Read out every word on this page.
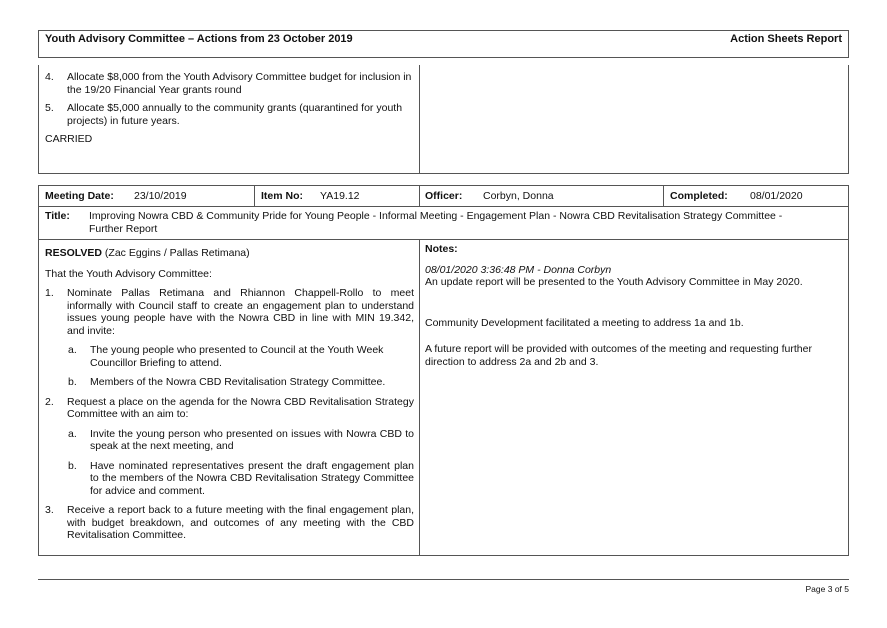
Youth Advisory Committee – Actions from 23 October 2019	Action Sheets Report
4. Allocate $8,000 from the Youth Advisory Committee budget for inclusion in the 19/20 Financial Year grants round

5. Allocate $5,000 annually to the community grants (quarantined for youth projects) in future years.

CARRIED

Meeting Date: 23/10/2019	Item No: YA19.12	Officer: Corbyn, Donna	Completed: 08/01/2020
Title: Improving Nowra CBD & Community Pride for Young People - Informal Meeting - Engagement Plan - Nowra CBD Revitalisation Strategy Committee - Further Report

RESOLVED (Zac Eggins / Pallas Retimana)

That the Youth Advisory Committee:

1. Nominate Pallas Retimana and Rhiannon Chappell-Rollo to meet informally with Council staff to create an engagement plan to understand issues young people have with the Nowra CBD in line with MIN 19.342, and invite:

a. The young people who presented to Council at the Youth Week Councillor Briefing to attend.

b. Members of the Nowra CBD Revitalisation Strategy Committee.

2. Request a place on the agenda for the Nowra CBD Revitalisation Strategy Committee with an aim to:

a. Invite the young person who presented on issues with Nowra CBD to speak at the next meeting, and

b. Have nominated representatives present the draft engagement plan to the members of the Nowra CBD Revitalisation Strategy Committee for advice and comment.

3. Receive a report back to a future meeting with the final engagement plan, with budget breakdown, and outcomes of any meeting with the CBD Revitalisation Committee.

Notes:

08/01/2020 3:36:48 PM - Donna Corbyn

An update report will be presented to the Youth Advisory Committee in May 2020.

Community Development facilitated a meeting to address 1a and 1b.

A future report will be provided with outcomes of the meeting and requesting further direction to address 2a and 2b and 3.

Page 3 of 5
